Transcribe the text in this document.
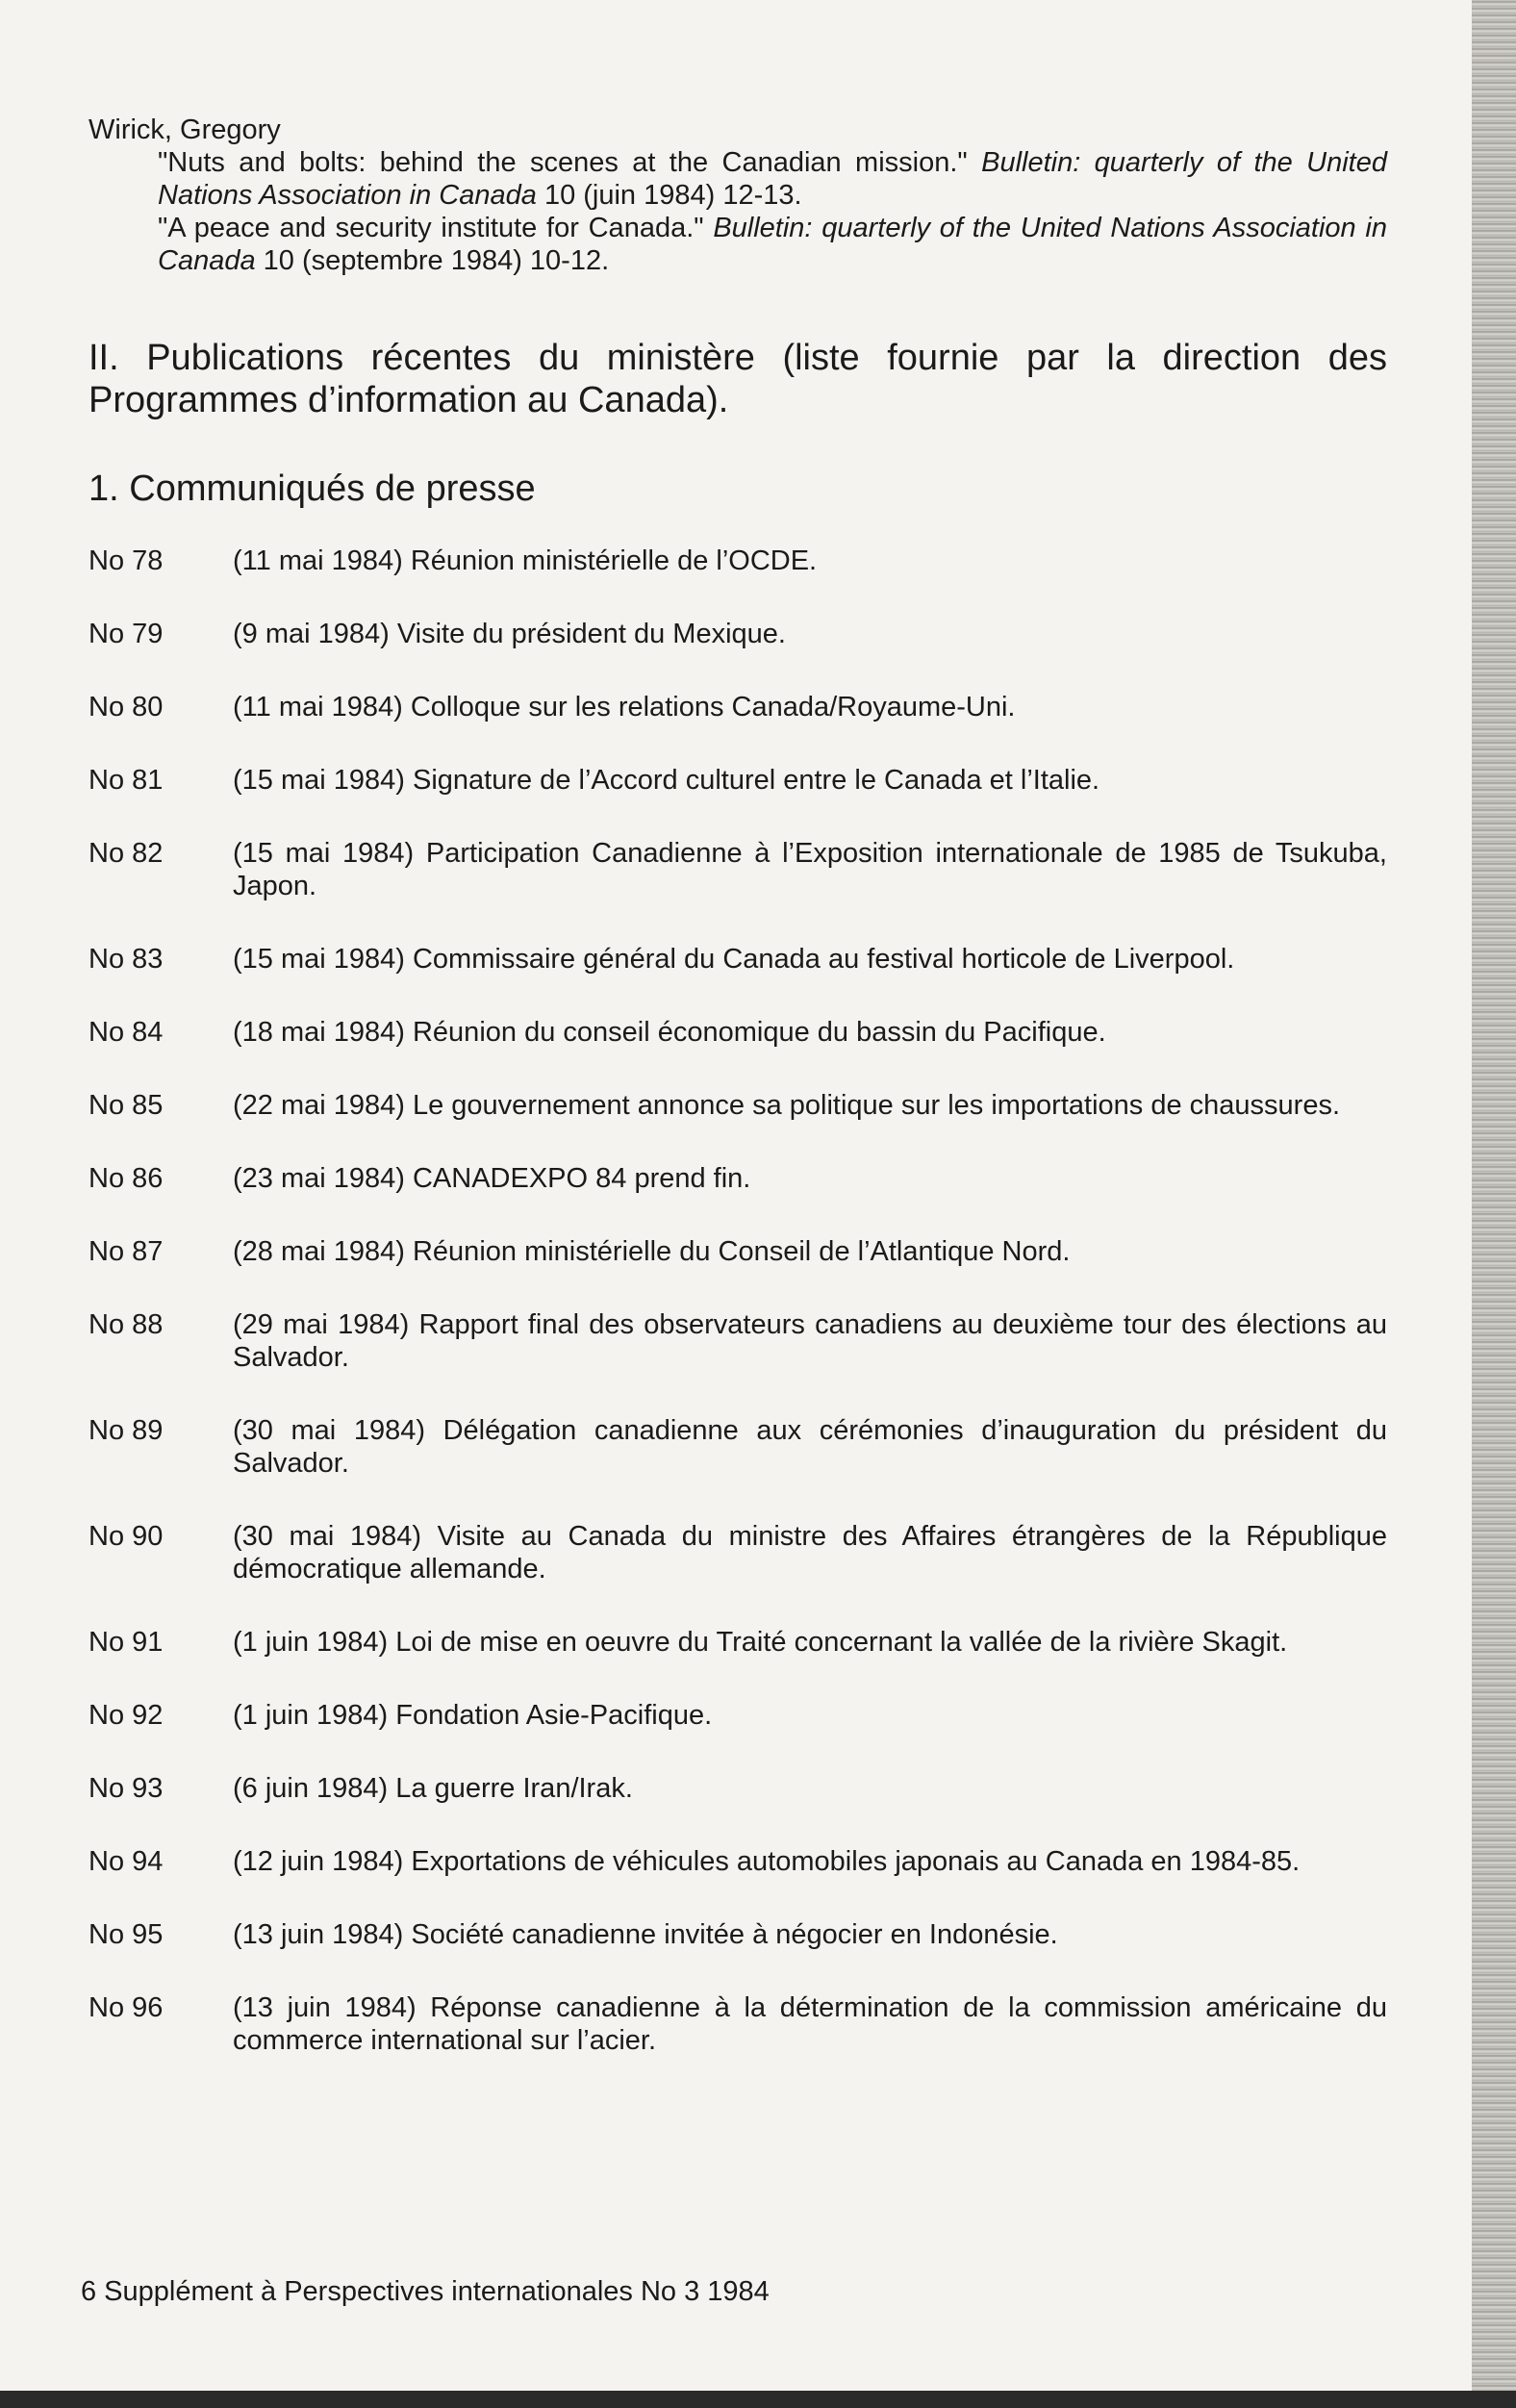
Wirick, Gregory
"Nuts and bolts: behind the scenes at the Canadian mission." Bulletin: quarterly of the United Nations Association in Canada 10 (juin 1984) 12-13.
"A peace and security institute for Canada." Bulletin: quarterly of the United Nations Association in Canada 10 (septembre 1984) 10-12.
II. Publications récentes du ministère (liste fournie par la direction des Programmes d’information au Canada).
1. Communiqués de presse
No 78	(11 mai 1984) Réunion ministérielle de l’OCDE.
No 79	(9 mai 1984) Visite du président du Mexique.
No 80	(11 mai 1984) Colloque sur les relations Canada/Royaume-Uni.
No 81	(15 mai 1984) Signature de l’Accord culturel entre le Canada et l’Italie.
No 82	(15 mai 1984) Participation Canadienne à l’Exposition internationale de 1985 de Tsukuba, Japon.
No 83	(15 mai 1984) Commissaire général du Canada au festival horticole de Liverpool.
No 84	(18 mai 1984) Réunion du conseil économique du bassin du Pacifique.
No 85	(22 mai 1984) Le gouvernement annonce sa politique sur les importations de chaussures.
No 86	(23 mai 1984) CANADEXPO 84 prend fin.
No 87	(28 mai 1984) Réunion ministérielle du Conseil de l’Atlantique Nord.
No 88	(29 mai 1984) Rapport final des observateurs canadiens au deuxième tour des élections au Salvador.
No 89	(30 mai 1984) Délégation canadienne aux cérémonies d’inauguration du président du Salvador.
No 90	(30 mai 1984) Visite au Canada du ministre des Affaires étrangères de la République démocratique allemande.
No 91	(1 juin 1984) Loi de mise en oeuvre du Traité concernant la vallée de la rivière Skagit.
No 92	(1 juin 1984) Fondation Asie-Pacifique.
No 93	(6 juin 1984) La guerre Iran/Irak.
No 94	(12 juin 1984) Exportations de véhicules automobiles japonais au Canada en 1984-85.
No 95	(13 juin 1984) Société canadienne invitée à négocier en Indonésie.
No 96	(13 juin 1984) Réponse canadienne à la détermination de la commission américaine du commerce international sur l’acier.
6 Supplément à Perspectives internationales No 3 1984
